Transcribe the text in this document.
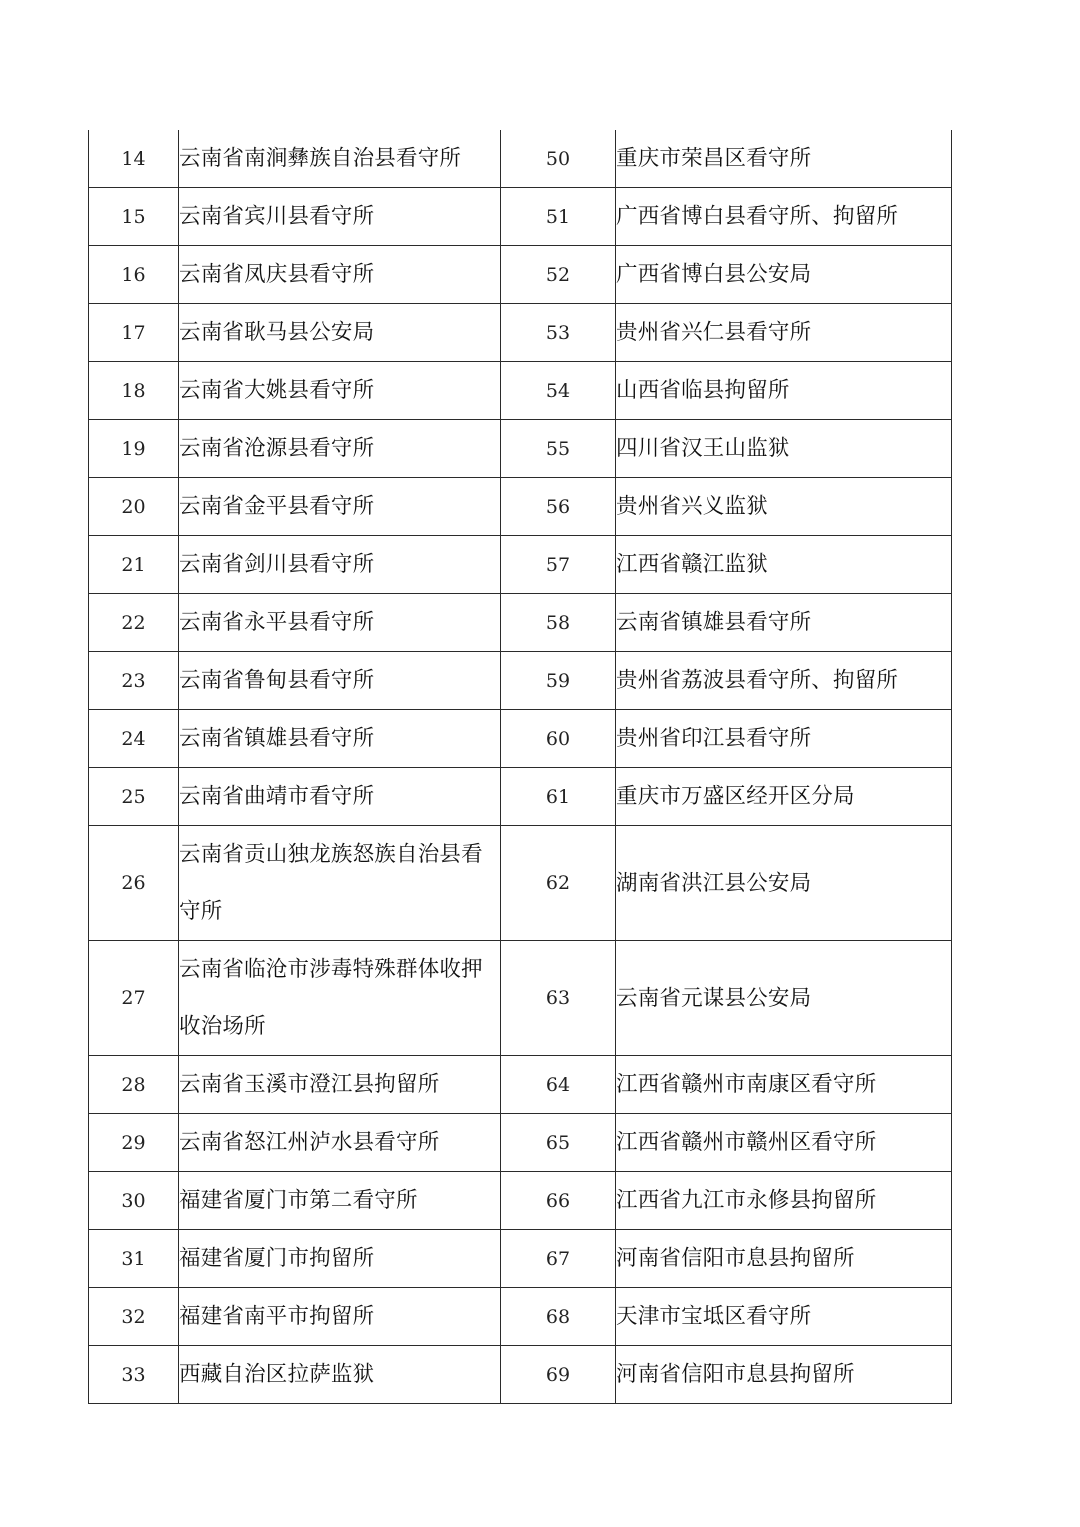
14	云南省南涧彝族自治县看守所	50	重庆市荣昌区看守所
15	云南省宾川县看守所	51	广西省博白县看守所、拘留所
16	云南省凤庆县看守所	52	广西省博白县公安局
17	云南省耿马县公安局	53	贵州省兴仁县看守所
18	云南省大姚县看守所	54	山西省临县拘留所
19	云南省沧源县看守所	55	四川省汉王山监狱
20	云南省金平县看守所	56	贵州省兴义监狱
21	云南省剑川县看守所	57	江西省赣江监狱
22	云南省永平县看守所	58	云南省镇雄县看守所
23	云南省鲁甸县看守所	59	贵州省荔波县看守所、拘留所
24	云南省镇雄县看守所	60	贵州省印江县看守所
25	云南省曲靖市看守所	61	重庆市万盛区经开区分局
26	云南省贡山独龙族怒族自治县看守所	62	湖南省洪江县公安局
27	云南省临沧市涉毒特殊群体收押收治场所	63	云南省元谋县公安局
28	云南省玉溪市澄江县拘留所	64	江西省赣州市南康区看守所
29	云南省怒江州泸水县看守所	65	江西省赣州市赣州区看守所
30	福建省厦门市第二看守所	66	江西省九江市永修县拘留所
31	福建省厦门市拘留所	67	河南省信阳市息县拘留所
32	福建省南平市拘留所	68	天津市宝坻区看守所
33	西藏自治区拉萨监狱	69	河南省信阳市息县拘留所
